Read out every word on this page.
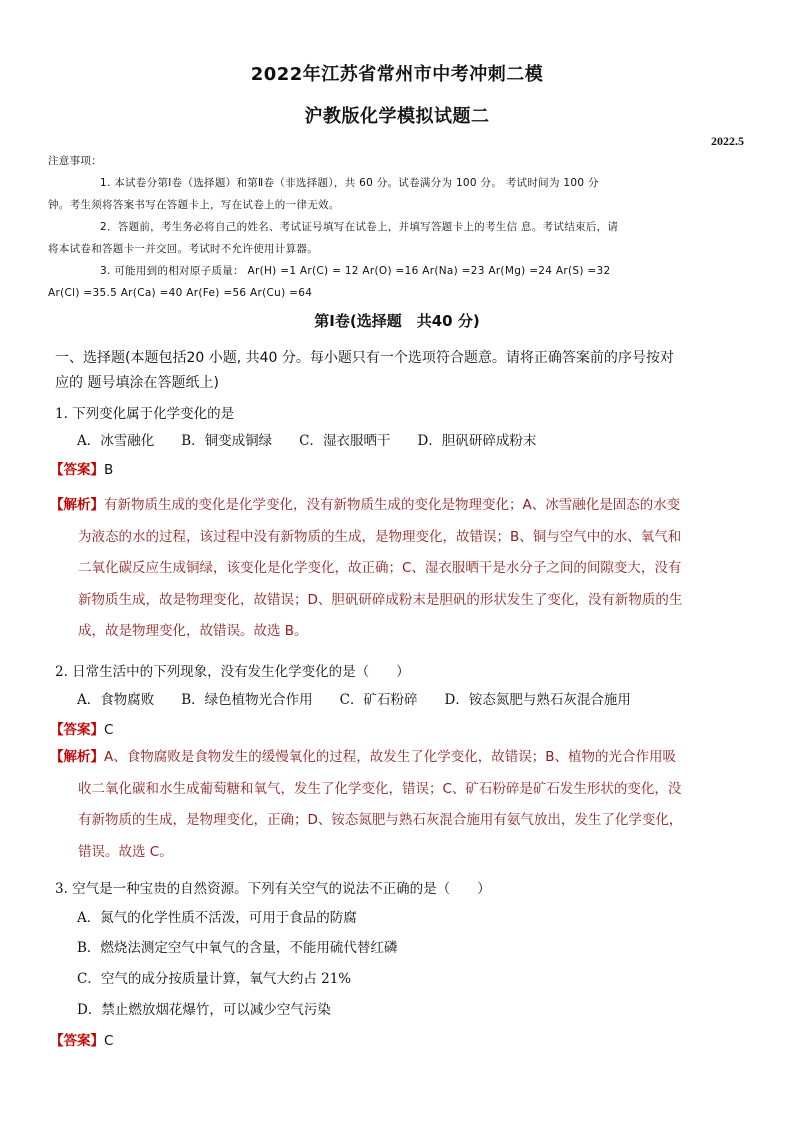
2022年江苏省常州市中考冲刺二模
沪教版化学模拟试题二
2022.5
注意事项：
1. 本试卷分第Ⅰ卷（选择题）和第Ⅱ卷（非选择题），共 60 分。试卷满分为 100 分。 考试时间为 100 分
钟。考生须将答案书写在答题卡上，写在试卷上的一律无效。
2．答题前，考生务必将自己的姓名、考试证号填写在试卷上，并填写答题卡上的考生信 息。考试结束后，请
将本试卷和答题卡一并交回。考试时不允许使用计算器。
3. 可能用到的相对原子质量： Ar(H) =1 Ar(C) = 12 Ar(O) =16 Ar(Na) =23 Ar(Mg) =24 Ar(S) =32
Ar(Cl) =35.5 Ar(Ca) =40 Ar(Fe) =56 Ar(Cu) =64
第Ⅰ卷(选择题　共40 分)
一、选择题(本题包括20 小题, 共40 分。每小题只有一个选项符合题意。请将正确答案前的序号按对
应的 题号填涂在答题纸上)
1. 下列变化属于化学变化的是
A．冰雪融化　　B．铜变成铜绿　　C．湿衣服晒干　　D．胆矾研碎成粉末
【答案】B
【解析】有新物质生成的变化是化学变化，没有新物质生成的变化是物理变化；A、冰雪融化是固态的水变
为液态的水的过程，该过程中没有新物质的生成，是物理变化，故错误；B、铜与空气中的水、氧气和
二氧化碳反应生成铜绿，该变化是化学变化，故正确；C、湿衣服晒干是水分子之间的间隙变大，没有
新物质生成，故是物理变化，故错误；D、胆矾研碎成粉末是胆矾的形状发生了变化，没有新物质的生
成，故是物理变化，故错误。故选 B。
2. 日常生活中的下列现象，没有发生化学变化的是（　　）
A．食物腐败　　B．绿色植物光合作用　　C．矿石粉碎　　D．铵态氮肥与熟石灰混合施用
【答案】C
【解析】A、食物腐败是食物发生的缓慢氧化的过程，故发生了化学变化，故错误；B、植物的光合作用吸
收二氧化碳和水生成葡萄糖和氧气，发生了化学变化，错误；C、矿石粉碎是矿石发生形状的变化，没
有新物质的生成，是物理变化，正确；D、铵态氮肥与熟石灰混合施用有氨气放出，发生了化学变化，
错误。故选 C。
3. 空气是一种宝贵的自然资源。下列有关空气的说法不正确的是（　　）
A．氮气的化学性质不活泼，可用于食品的防腐
B．燃烧法测定空气中氧气的含量，不能用硫代替红磷
C．空气的成分按质量计算，氧气大约占 21%
D．禁止燃放烟花爆竹，可以减少空气污染
【答案】C
